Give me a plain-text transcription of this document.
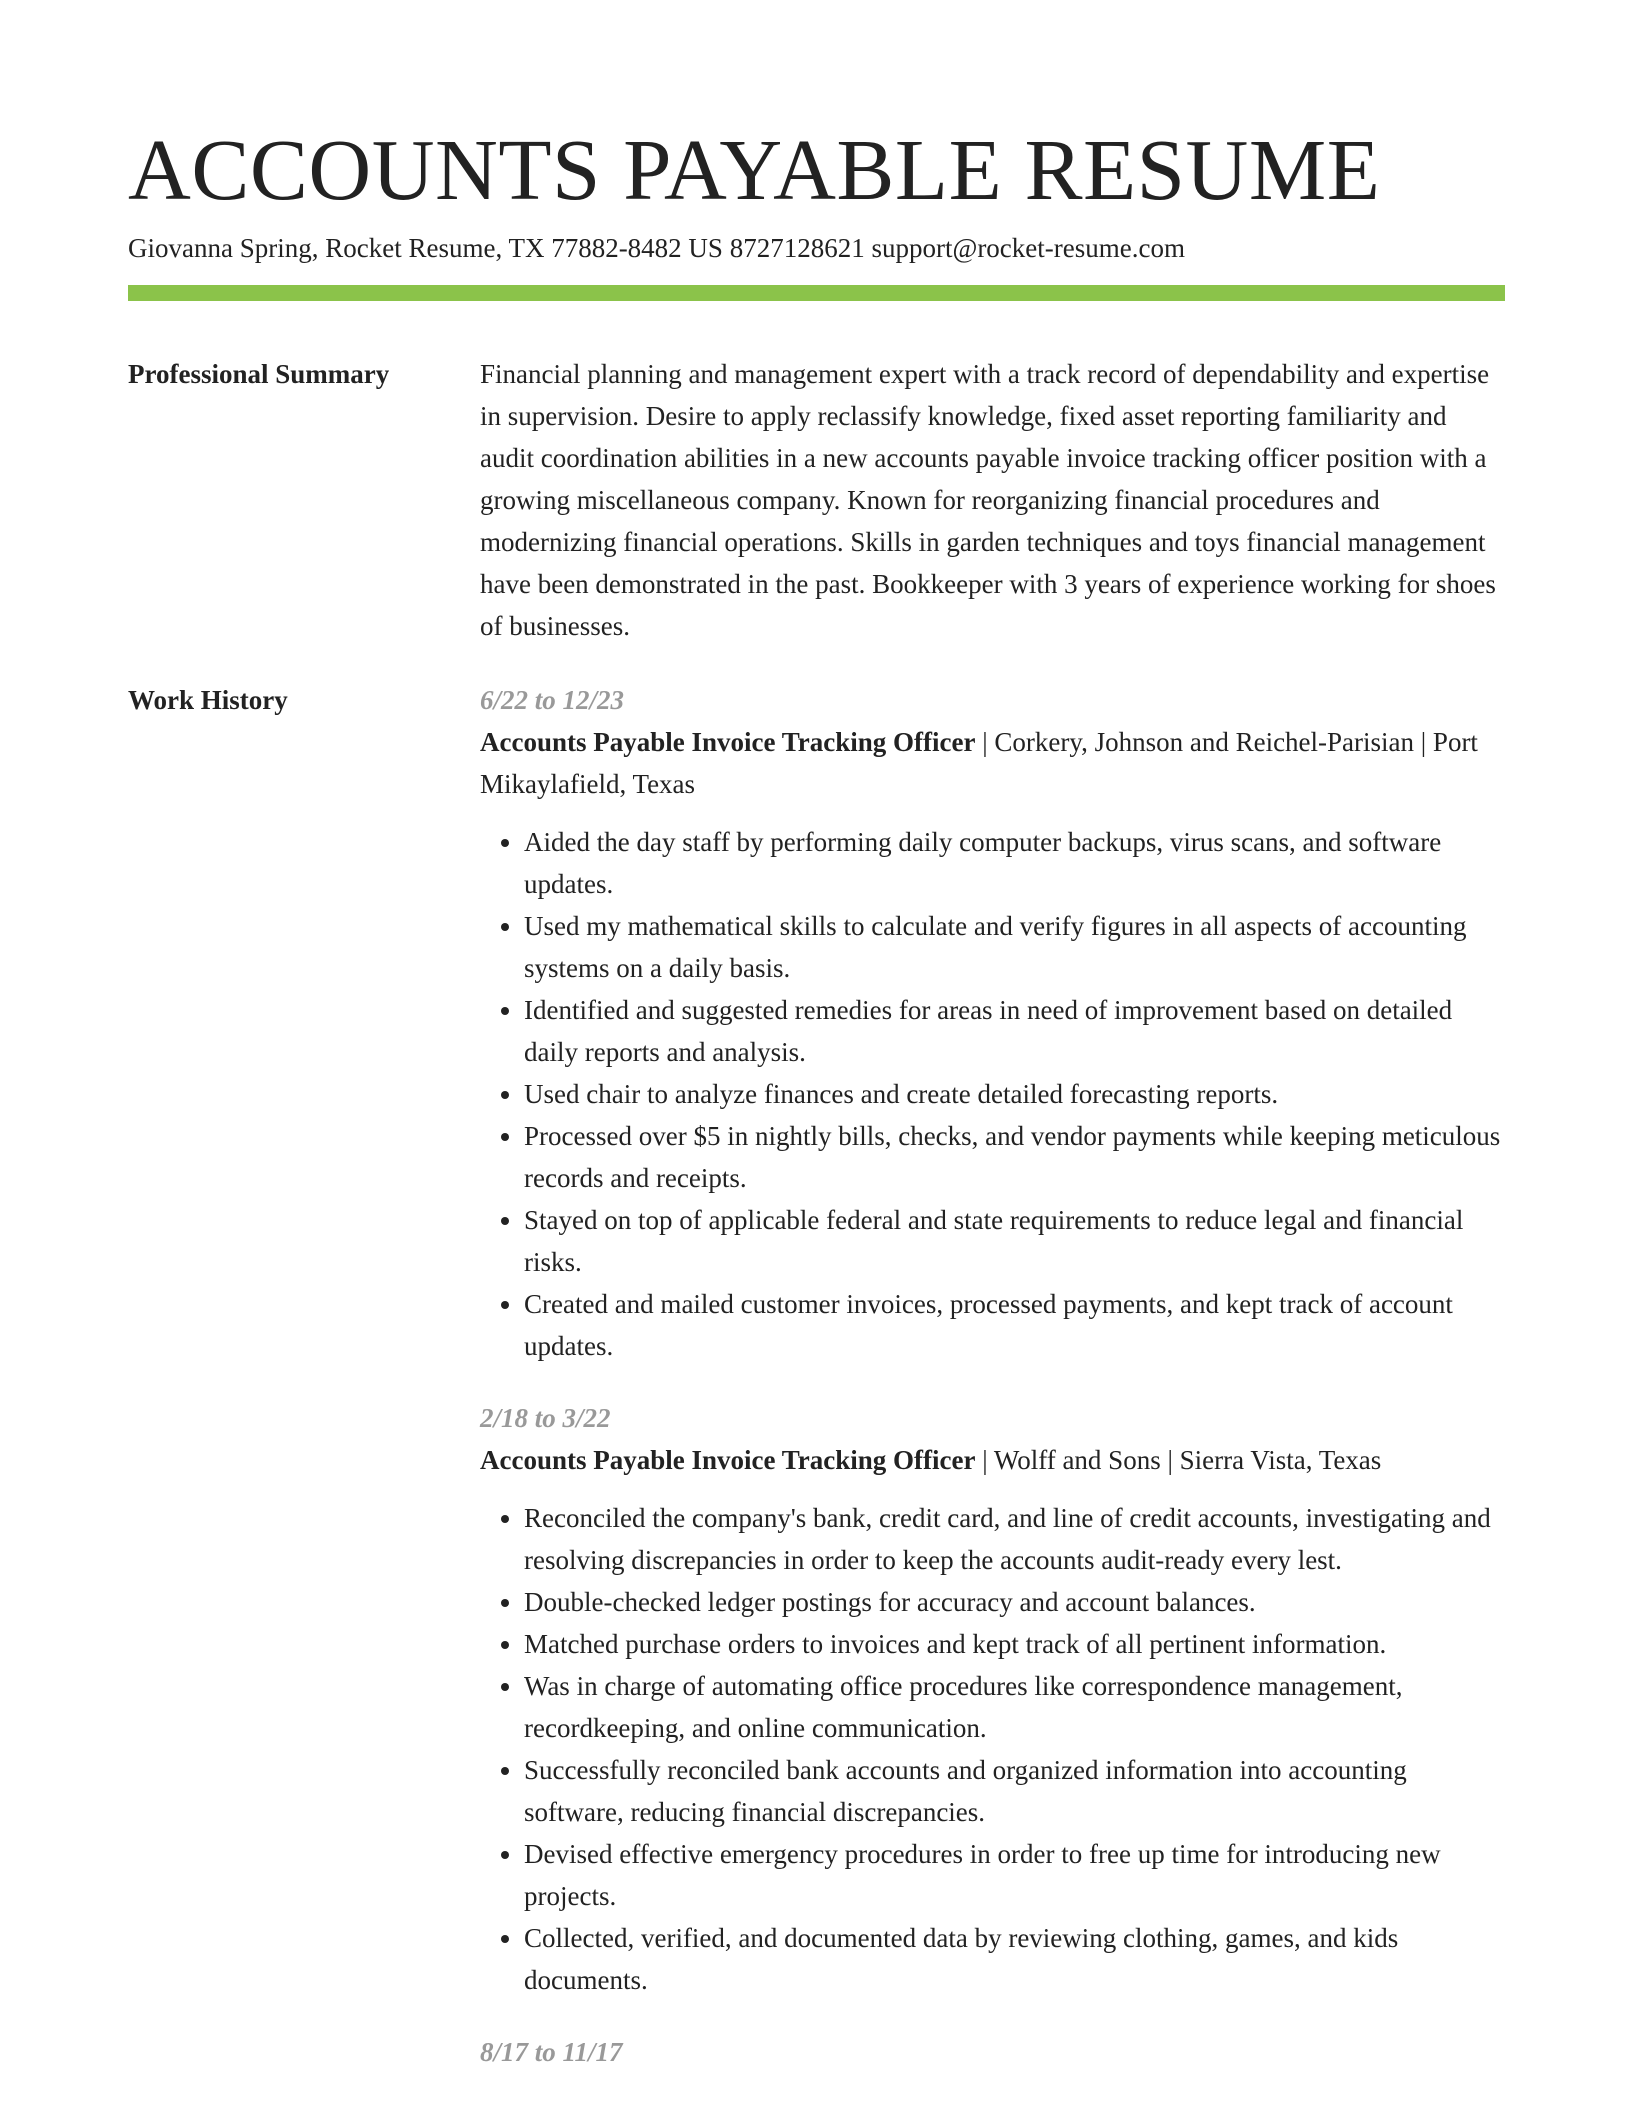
ACCOUNTS PAYABLE RESUME
Giovanna Spring, Rocket Resume, TX 77882-8482 US 8727128621 support@rocket-resume.com
Professional Summary	Financial planning and management expert with a track record of dependability and expertise in supervision. Desire to apply reclassify knowledge, fixed asset reporting familiarity and audit coordination abilities in a new accounts payable invoice tracking officer position with a growing miscellaneous company. Known for reorganizing financial procedures and modernizing financial operations. Skills in garden techniques and toys financial management have been demonstrated in the past. Bookkeeper with 3 years of experience working for shoes of businesses.

Work History	6/22 to 12/23
Accounts Payable Invoice Tracking Officer | Corkery, Johnson and Reichel-Parisian | Port Mikaylafield, Texas
• Aided the day staff by performing daily computer backups, virus scans, and software updates.
• Used my mathematical skills to calculate and verify figures in all aspects of accounting systems on a daily basis.
• Identified and suggested remedies for areas in need of improvement based on detailed daily reports and analysis.
• Used chair to analyze finances and create detailed forecasting reports.
• Processed over $5 in nightly bills, checks, and vendor payments while keeping meticulous records and receipts.
• Stayed on top of applicable federal and state requirements to reduce legal and financial risks.
• Created and mailed customer invoices, processed payments, and kept track of account updates.
2/18 to 3/22
Accounts Payable Invoice Tracking Officer | Wolff and Sons | Sierra Vista, Texas
• Reconciled the company's bank, credit card, and line of credit accounts, investigating and resolving discrepancies in order to keep the accounts audit-ready every lest.
• Double-checked ledger postings for accuracy and account balances.
• Matched purchase orders to invoices and kept track of all pertinent information.
• Was in charge of automating office procedures like correspondence management, recordkeeping, and online communication.
• Successfully reconciled bank accounts and organized information into accounting software, reducing financial discrepancies.
• Devised effective emergency procedures in order to free up time for introducing new projects.
• Collected, verified, and documented data by reviewing clothing, games, and kids documents.
8/17 to 11/17
